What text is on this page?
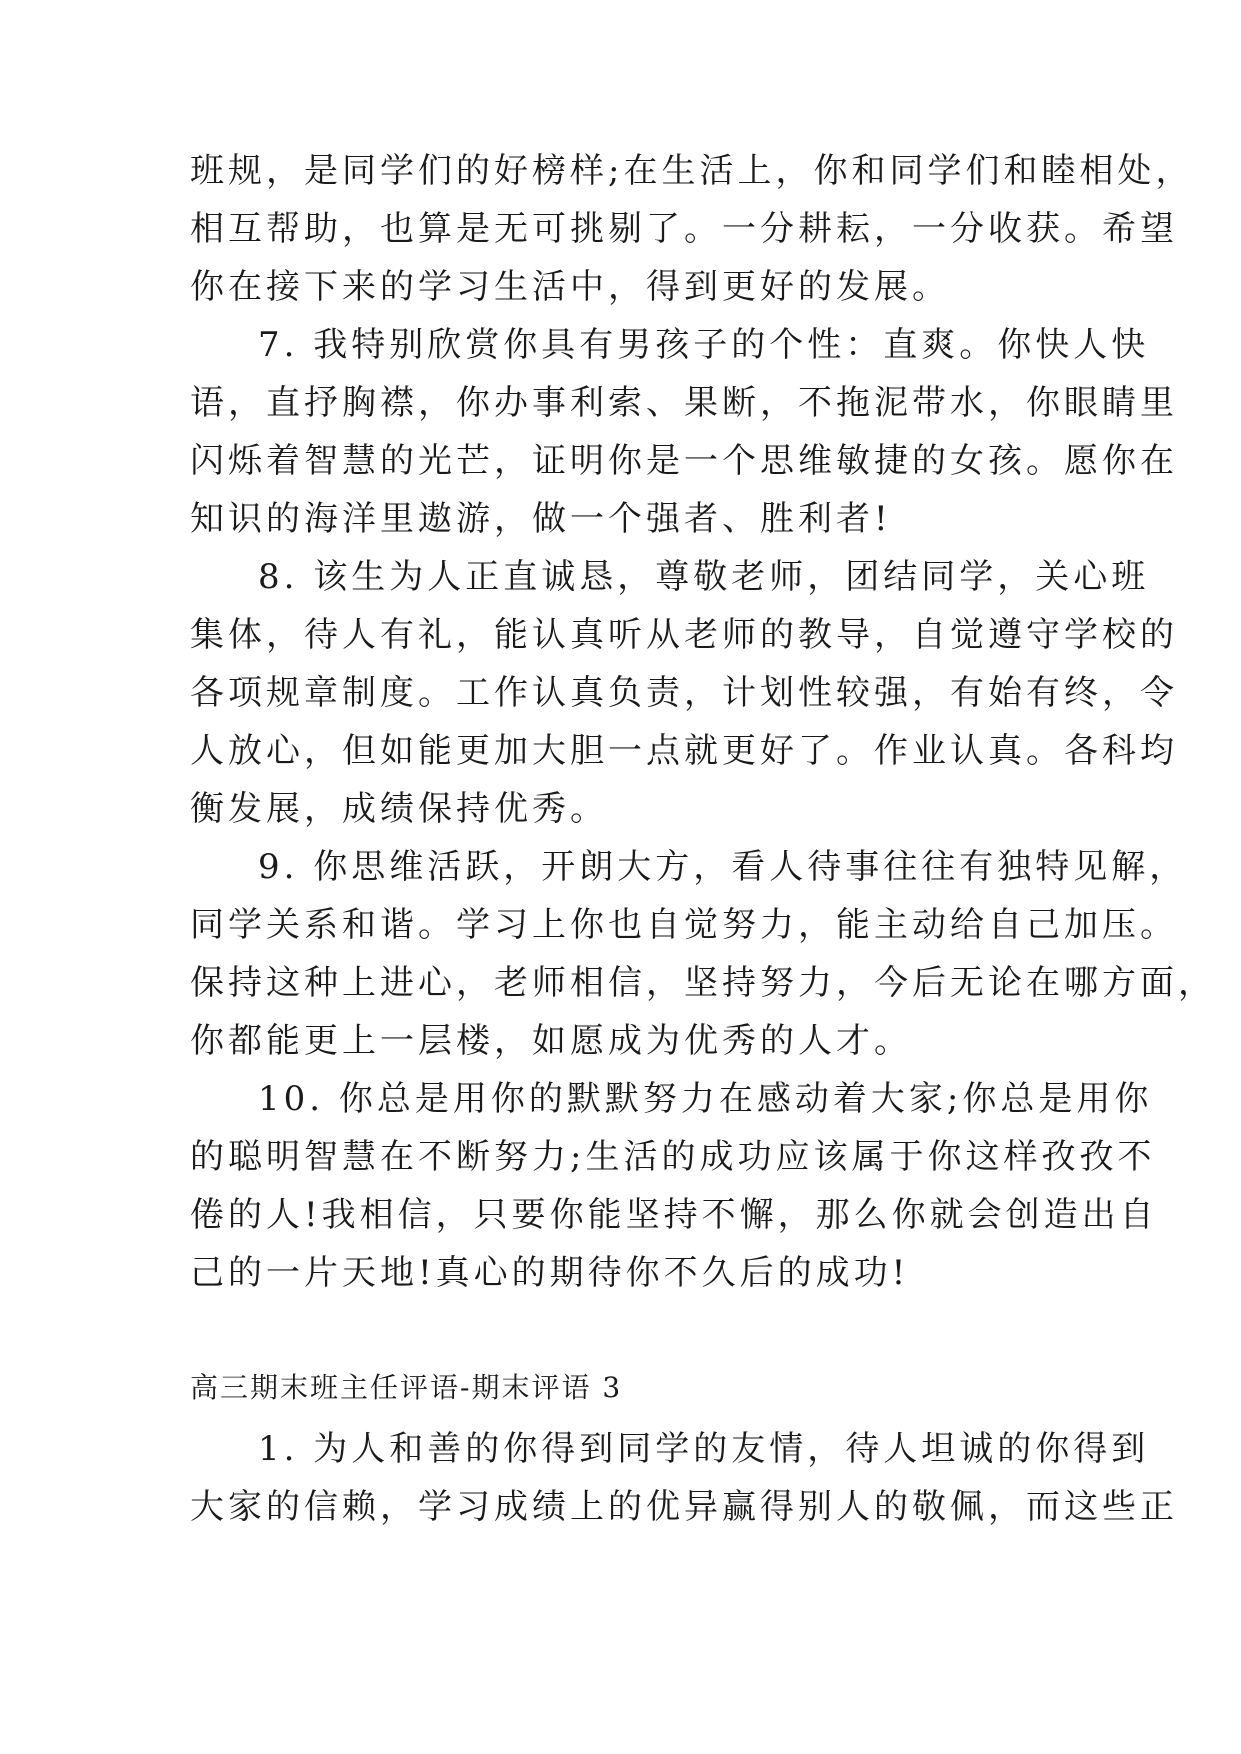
班规，是同学们的好榜样;在生活上，你和同学们和睦相处，
相互帮助，也算是无可挑剔了。一分耕耘，一分收获。希望
你在接下来的学习生活中，得到更好的发展。
7. 我特别欣赏你具有男孩子的个性：直爽。你快人快
语，直抒胸襟，你办事利索、果断，不拖泥带水，你眼睛里
闪烁着智慧的光芒，证明你是一个思维敏捷的女孩。愿你在
知识的海洋里遨游，做一个强者、胜利者!
8. 该生为人正直诚恳，尊敬老师，团结同学，关心班
集体，待人有礼，能认真听从老师的教导，自觉遵守学校的
各项规章制度。工作认真负责，计划性较强，有始有终，令
人放心，但如能更加大胆一点就更好了。作业认真。各科均
衡发展，成绩保持优秀。
9. 你思维活跃，开朗大方，看人待事往往有独特见解，
同学关系和谐。学习上你也自觉努力，能主动给自己加压。
保持这种上进心，老师相信，坚持努力，今后无论在哪方面，
你都能更上一层楼，如愿成为优秀的人才。
10. 你总是用你的默默努力在感动着大家;你总是用你
的聪明智慧在不断努力;生活的成功应该属于你这样孜孜不
倦的人!我相信，只要你能坚持不懈，那么你就会创造出自
己的一片天地!真心的期待你不久后的成功!
高三期末班主任评语-期末评语 3
1. 为人和善的你得到同学的友情，待人坦诚的你得到
大家的信赖，学习成绩上的优异赢得别人的敬佩，而这些正
